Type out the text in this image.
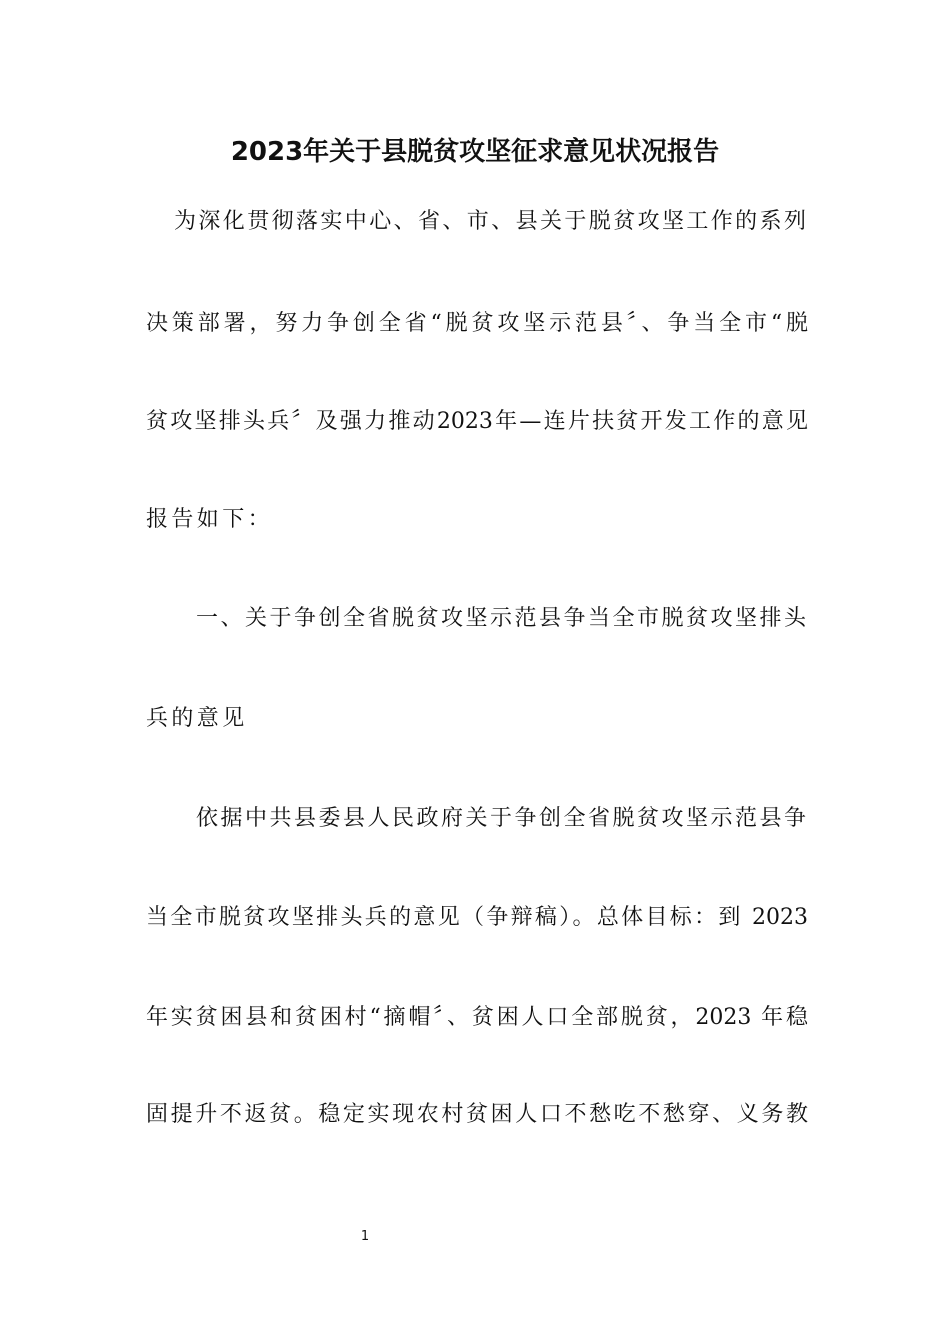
2023年关于县脱贫攻坚征求意见状况报告
为深化贯彻落实中心、省、市、县关于脱贫攻坚工作的系列
决策部署，努力争创全省“脱贫攻坚示范县〞、争当全市“脱
贫攻坚排头兵〞及强力推动2023年—连片扶贫开发工作的意见
报告如下：
一、关于争创全省脱贫攻坚示范县争当全市脱贫攻坚排头
兵的意见
依据中共县委县人民政府关于争创全省脱贫攻坚示范县争
当全市脱贫攻坚排头兵的意见（争辩稿）。总体目标：到 2023
年实贫困县和贫困村“摘帽〞、贫困人口全部脱贫，2023 年稳
固提升不返贫。稳定实现农村贫困人口不愁吃不愁穿、义务教
1
